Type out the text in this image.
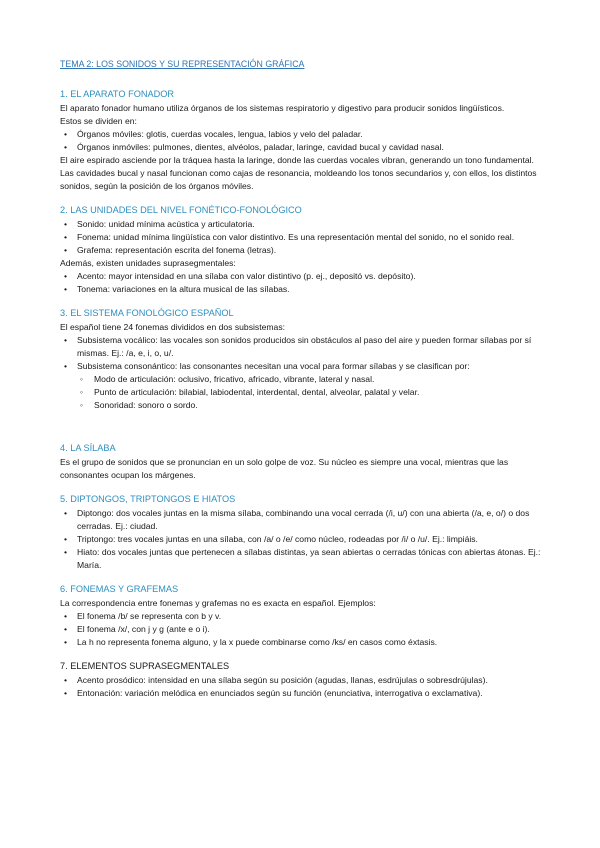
TEMA 2: LOS SONIDOS Y SU REPRESENTACIÓN GRÁFICA
1. EL APARATO FONADOR

El aparato fonador humano utiliza órganos de los sistemas respiratorio y digestivo para producir sonidos lingüísticos.

Estos se dividen en:

• Órganos móviles: glotis, cuerdas vocales, lengua, labios y velo del paladar.
• Órganos inmóviles: pulmones, dientes, alvéolos, paladar, laringe, cavidad bucal y cavidad nasal.

El aire espirado asciende por la tráquea hasta la laringe, donde las cuerdas vocales vibran, generando un tono fundamental. Las cavidades bucal y nasal funcionan como cajas de resonancia, moldeando los tonos secundarios y, con ellos, los distintos sonidos, según la posición de los órganos móviles.

2. LAS UNIDADES DEL NIVEL FONÉTICO-FONOLÓGICO
• Sonido: unidad mínima acústica y articulatoria.
• Fonema: unidad mínima lingüística con valor distintivo. Es una representación mental del sonido, no el sonido real.
• Grafema: representación escrita del fonema (letras).

Además, existen unidades suprasegmentales:

• Acento: mayor intensidad en una sílaba con valor distintivo (p. ej., depositó vs. depósito).
• Tonema: variaciones en la altura musical de las sílabas.
3. EL SISTEMA FONOLÓGICO ESPAÑOL

El español tiene 24 fonemas divididos en dos subsistemas:

• Subsistema vocálico: las vocales son sonidos producidos sin obstáculos al paso del aire y pueden formar sílabas por sí mismas. Ej.: /a, e, i, o, u/.
• Subsistema consonántico: las consonantes necesitan una vocal para formar sílabas y se clasifican por:
◦ Modo de articulación: oclusivo, fricativo, africado, vibrante, lateral y nasal.
◦ Punto de articulación: bilabial, labiodental, interdental, dental, alveolar, palatal y velar.
◦ Sonoridad: sonoro o sordo.
4. LA SÍLABA

Es el grupo de sonidos que se pronuncian en un solo golpe de voz. Su núcleo es siempre una vocal, mientras que las consonantes ocupan los márgenes.

5. DIPTONGOS, TRIPTONGOS E HIATOS
• Diptongo: dos vocales juntas en la misma sílaba, combinando una vocal cerrada (/i, u/) con una abierta (/a, e, o/) o dos cerradas. Ej.: ciudad.
• Triptongo: tres vocales juntas en una sílaba, con /a/ o /e/ como núcleo, rodeadas por /i/ o /u/. Ej.: limpiáis.
• Hiato: dos vocales juntas que pertenecen a sílabas distintas, ya sean abiertas o cerradas tónicas con abiertas átonas. Ej.: María.
6. FONEMAS Y GRAFEMAS

La correspondencia entre fonemas y grafemas no es exacta en español. Ejemplos:

• El fonema /b/ se representa con b y v.
• El fonema /x/, con j y g (ante e o i).
• La h no representa fonema alguno, y la x puede combinarse como /ks/ en casos como éxtasis.
7. ELEMENTOS SUPRASEGMENTALES
• Acento prosódico: intensidad en una sílaba según su posición (agudas, llanas, esdrújulas o sobresdrújulas).
• Entonación: variación melódica en enunciados según su función (enunciativa, interrogativa o exclamativa).
